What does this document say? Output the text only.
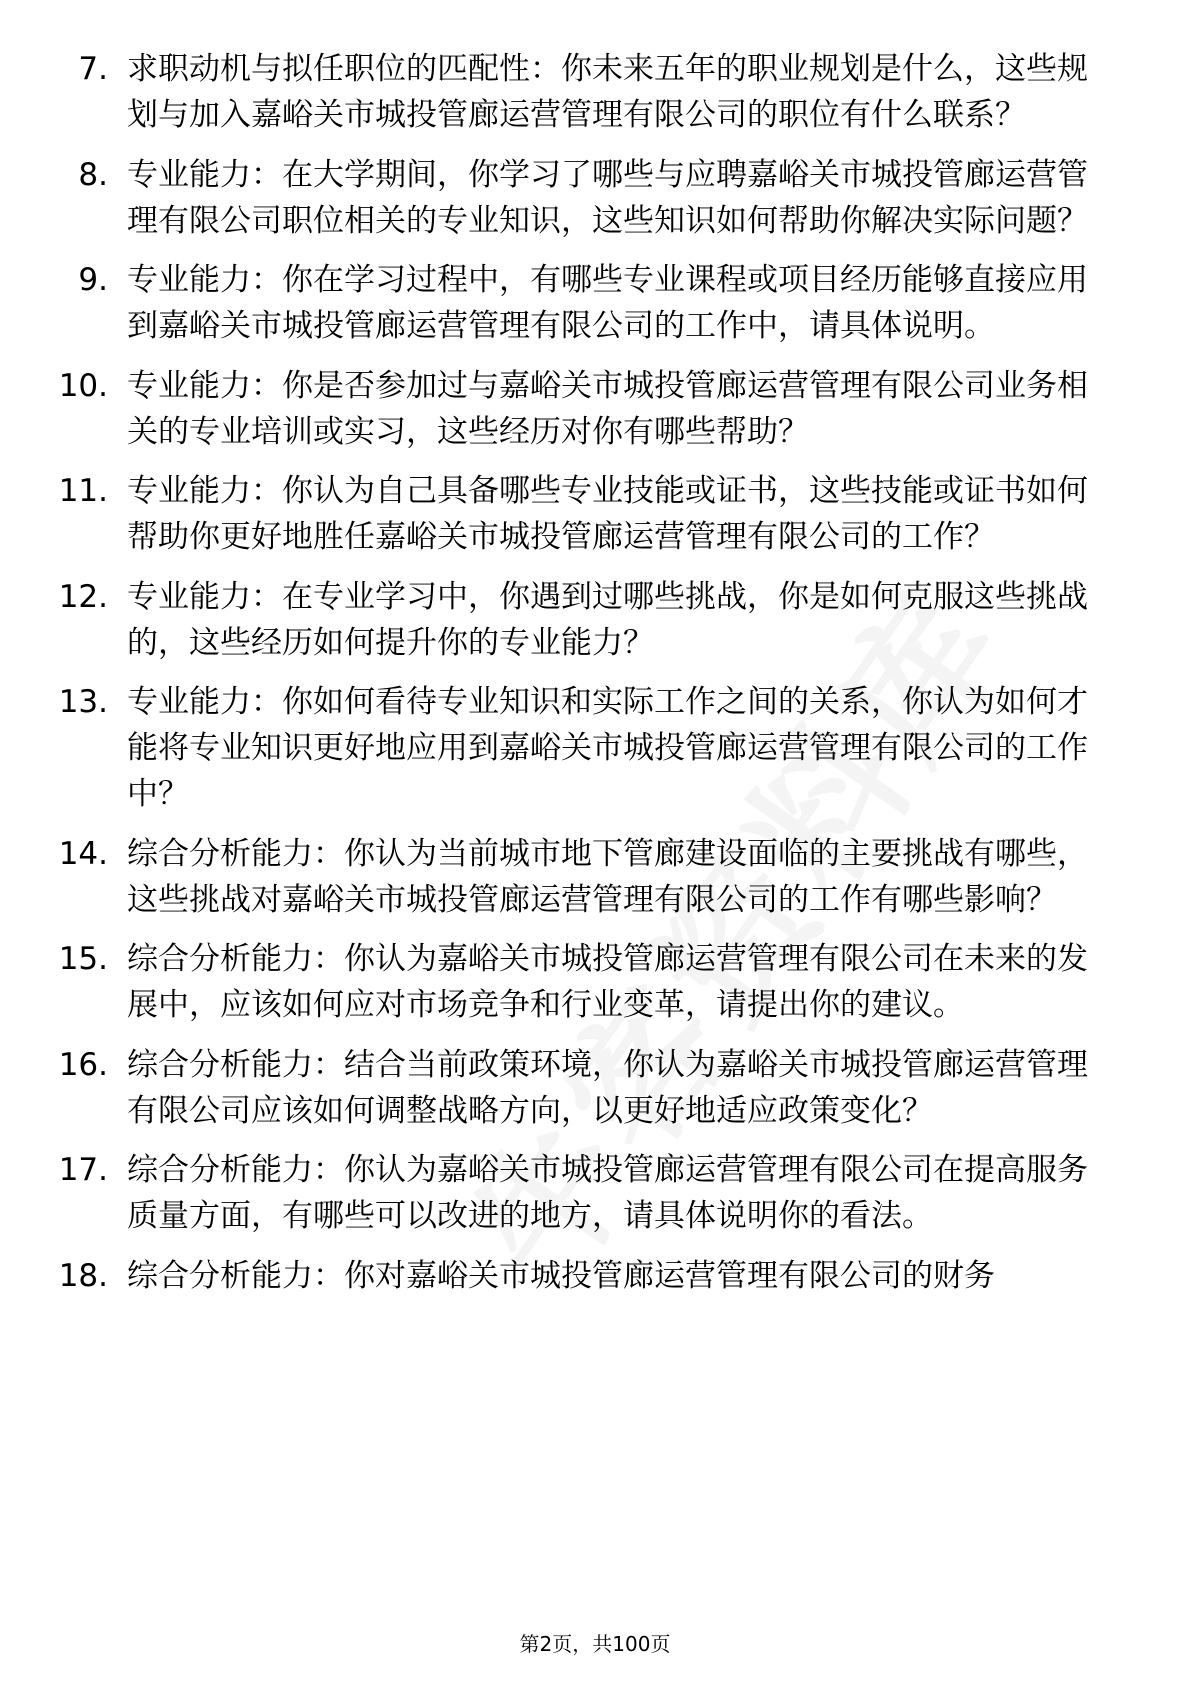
7. 求职动机与拟任职位的匹配性：你未来五年的职业规划是什么，这些规划与加入嘉峪关市城投管廊运营管理有限公司的职位有什么联系？
8. 专业能力：在大学期间，你学习了哪些与应聘嘉峪关市城投管廊运营管理有限公司职位相关的专业知识，这些知识如何帮助你解决实际问题？
9. 专业能力：你在学习过程中，有哪些专业课程或项目经历能够直接应用到嘉峪关市城投管廊运营管理有限公司的工作中，请具体说明。
10. 专业能力：你是否参加过与嘉峪关市城投管廊运营管理有限公司业务相关的专业培训或实习，这些经历对你有哪些帮助？
11. 专业能力：你认为自己具备哪些专业技能或证书，这些技能或证书如何帮助你更好地胜任嘉峪关市城投管廊运营管理有限公司的工作？
12. 专业能力：在专业学习中，你遇到过哪些挑战，你是如何克服这些挑战的，这些经历如何提升你的专业能力？
13. 专业能力：你如何看待专业知识和实际工作之间的关系，你认为如何才能将专业知识更好地应用到嘉峪关市城投管廊运营管理有限公司的工作中？
14. 综合分析能力：你认为当前城市地下管廊建设面临的主要挑战有哪些，这些挑战对嘉峪关市城投管廊运营管理有限公司的工作有哪些影响？
15. 综合分析能力：你认为嘉峪关市城投管廊运营管理有限公司在未来的发展中，应该如何应对市场竞争和行业变革，请提出你的建议。
16. 综合分析能力：结合当前政策环境，你认为嘉峪关市城投管廊运营管理有限公司应该如何调整战略方向，以更好地适应政策变化？
17. 综合分析能力：你认为嘉峪关市城投管廊运营管理有限公司在提高服务质量方面，有哪些可以改进的地方，请具体说明你的看法。
18. 综合分析能力：你对嘉峪关市城投管廊运营管理有限公司的财务
第2页，共100页
